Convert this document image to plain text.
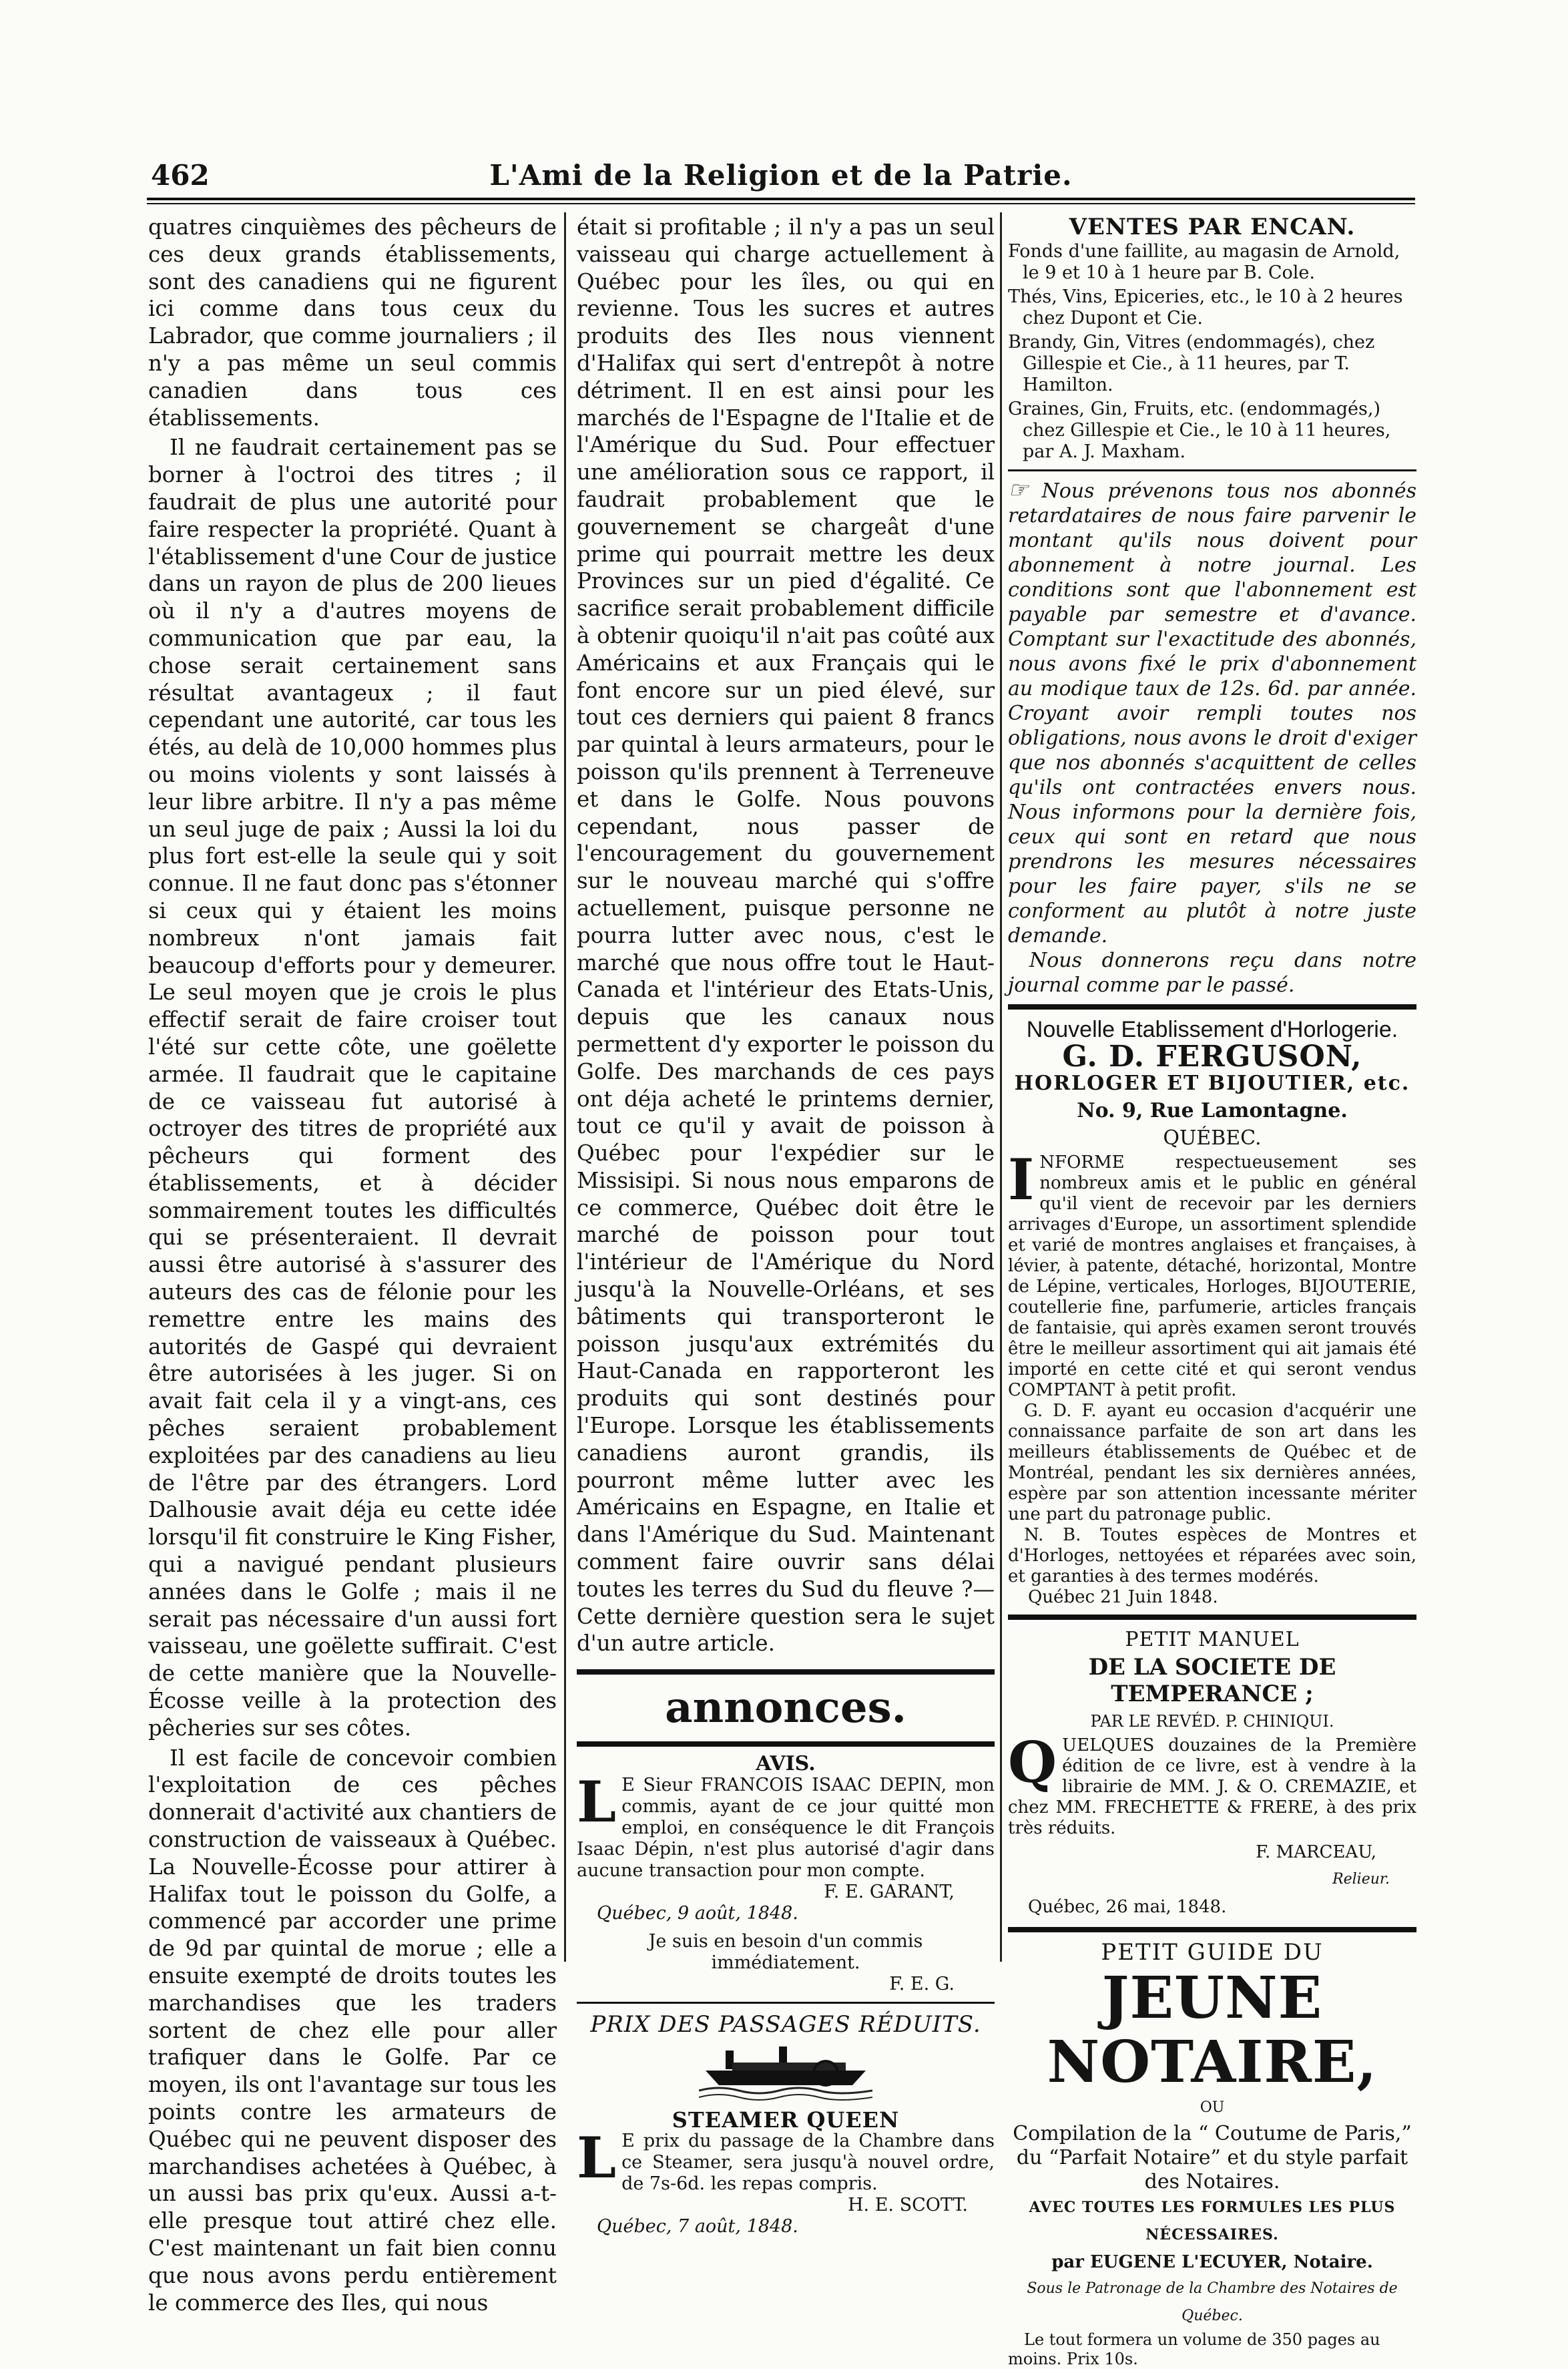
462	L'Ami de la Religion et de la Patrie.

quatres cinquièmes des pêcheurs de ces deux grands établissements, sont des canadiens qui ne figurent ici comme dans tous ceux du Labrador, que comme journaliers ; il n'y a pas même un seul commis canadien dans tous ces établissements.

Il ne faudrait certainement pas se borner à l'octroi des titres ; il faudrait de plus une autorité pour faire respecter la propriété. Quant à l'établissement d'une Cour de justice dans un rayon de plus de 200 lieues où il n'y a d'autres moyens de communication que par eau, la chose serait certainement sans résultat avantageux ; il faut cependant une autorité, car tous les étés, au delà de 10,000 hommes plus ou moins violents y sont laissés à leur libre arbitre. Il n'y a pas même un seul juge de paix ; Aussi la loi du plus fort est-elle la seule qui y soit connue. Il ne faut donc pas s'étonner si ceux qui y étaient les moins nombreux n'ont jamais fait beaucoup d'efforts pour y demeurer. Le seul moyen que je crois le plus effectif serait de faire croiser tout l'été sur cette côte, une goëlette armée. Il faudrait que le capitaine de ce vaisseau fut autorisé à octroyer des titres de propriété aux pêcheurs qui forment des établissements, et à décider sommairement toutes les difficultés qui se présenteraient. Il devrait aussi être autorisé à s'assurer des auteurs des cas de félonie pour les remettre entre les mains des autorités de Gaspé qui devraient être autorisées à les juger. Si on avait fait cela il y a vingt-ans, ces pêches seraient probablement exploitées par des canadiens au lieu de l'être par des étrangers. Lord Dalhousie avait déja eu cette idée lorsqu'il fit construire le King Fisher, qui a navigué pendant plusieurs années dans le Golfe ; mais il ne serait pas nécessaire d'un aussi fort vaisseau, une goëlette suffirait. C'est de cette manière que la Nouvelle-Écosse veille à la protection des pêcheries sur ses côtes.

Il est facile de concevoir combien l'exploitation de ces pêches donnerait d'activité aux chantiers de construction de vaisseaux à Québec. La Nouvelle-Écosse pour attirer à Halifax tout le poisson du Golfe, a commencé par accorder une prime de 9d par quintal de morue ; elle a ensuite exempté de droits toutes les marchandises que les traders sortent de chez elle pour aller trafiquer dans le Golfe. Par ce moyen, ils ont l'avantage sur tous les points contre les armateurs de Québec qui ne peuvent disposer des marchandises achetées à Québec, à un aussi bas prix qu'eux. Aussi a-t-elle presque tout attiré chez elle. C'est maintenant un fait bien connu que nous avons perdu entièrement le commerce des Iles, qui nous

était si profitable ; il n'y a pas un seul vaisseau qui charge actuellement à Québec pour les îles, ou qui en revienne. Tous les sucres et autres produits des Iles nous viennent d'Halifax qui sert d'entrepôt à notre détriment. Il en est ainsi pour les marchés de l'Espagne de l'Italie et de l'Amérique du Sud. Pour effectuer une amélioration sous ce rapport, il faudrait probablement que le gouvernement se chargeât d'une prime qui pourrait mettre les deux Provinces sur un pied d'égalité. Ce sacrifice serait probablement difficile à obtenir quoiqu'il n'ait pas coûté aux Américains et aux Français qui le font encore sur un pied élevé, sur tout ces derniers qui paient 8 francs par quintal à leurs armateurs, pour le poisson qu'ils prennent à Terreneuve et dans le Golfe. Nous pouvons cependant, nous passer de l'encouragement du gouvernement sur le nouveau marché qui s'offre actuellement, puisque personne ne pourra lutter avec nous, c'est le marché que nous offre tout le Haut-Canada et l'intérieur des Etats-Unis, depuis que les canaux nous permettent d'y exporter le poisson du Golfe. Des marchands de ces pays ont déja acheté le printems dernier, tout ce qu'il y avait de poisson à Québec pour l'expédier sur le Missisipi. Si nous nous emparons de ce commerce, Québec doit être le marché de poisson pour tout l'intérieur de l'Amérique du Nord jusqu'à la Nouvelle-Orléans, et ses bâtiments qui transporteront le poisson jusqu'aux extrémités du Haut-Canada en rapporteront les produits qui sont destinés pour l'Europe. Lorsque les établissements canadiens auront grandis, ils pourront même lutter avec les Américains en Espagne, en Italie et dans l'Amérique du Sud. Maintenant comment faire ouvrir sans délai toutes les terres du Sud du fleuve ?—Cette dernière question sera le sujet d'un autre article.

annonces.
AVIS.
L E Sieur FRANCOIS ISAAC DEPIN, mon commis, ayant de ce jour quitté mon emploi, en conséquence le dit François Isaac Dépin, n'est plus autorisé d'agir dans aucune transaction pour mon compte.
F. E. GARANT,
Québec, 9 août, 1848.
Je suis en besoin d'un commis immédiatement.
F. E. G.
PRIX DES PASSAGES RÉDUITS.
STEAMER QUEEN
L E prix du passage de la Chambre dans ce Steamer, sera jusqu'à nouvel ordre, de 7s-6d. les repas compris.
H. E. SCOTT.
Québec, 7 août, 1848.
VENTES PAR ENCAN.

Fonds d'une faillite, au magasin de Arnold, le 9 et 10 à 1 heure par B. Cole.

Thés, Vins, Epiceries, etc., le 10 à 2 heures chez Dupont et Cie.

Brandy, Gin, Vitres (endommagés), chez Gillespie et Cie., à 11 heures, par T. Hamilton.

Graines, Gin, Fruits, etc. (endommagés,) chez Gillespie et Cie., le 10 à 11 heures, par A. J. Maxham.

☞ Nous prévenons tous nos abonnés retardataires de nous faire parvenir le montant qu'ils nous doivent pour abonnement à notre journal. Les conditions sont que l'abonnement est payable par semestre et d'avance. Comptant sur l'exactitude des abonnés, nous avons fixé le prix d'abonnement au modique taux de 12s. 6d. par année. Croyant avoir rempli toutes nos obligations, nous avons le droit d'exiger que nos abonnés s'acquittent de celles qu'ils ont contractées envers nous. Nous informons pour la dernière fois, ceux qui sont en retard que nous prendrons les mesures nécessaires pour les faire payer, s'ils ne se conforment au plutôt à notre juste demande.
Nous donnerons reçu dans notre journal comme par le passé.
Nouvelle Etablissement d'Horlogerie.
G. D. FERGUSON,
HORLOGER ET BIJOUTIER, etc.
No. 9, Rue Lamontagne.
QUÉBEC.
I NFORME respectueusement ses nombreux amis et le public en général qu'il vient de recevoir par les derniers arrivages d'Europe, un assortiment splendide et varié de montres anglaises et françaises, à lévier, à patente, détaché, horizontal, Montre de Lépine, verticales, Horloges, BIJOUTERIE, coutellerie fine, parfumerie, articles français de fantaisie, qui après examen seront trouvés être le meilleur assortiment qui ait jamais été importé en cette cité et qui seront vendus COMPTANT à petit profit.
G. D. F. ayant eu occasion d'acquérir une connaissance parfaite de son art dans les meilleurs établissements de Québec et de Montréal, pendant les six dernières années, espère par son attention incessante mériter une part du patronage public.
N. B. Toutes espèces de Montres et d'Horloges, nettoyées et réparées avec soin, et garanties à des termes modérés.
Québec 21 Juin 1848.
PETIT MANUEL
DE LA SOCIETE DE TEMPERANCE ;
PAR LE REVÉD. P. CHINIQUI.
Q UELQUES douzaines de la Première édition de ce livre, est à vendre à la librairie de MM. J. & O. CREMAZIE, et chez MM. FRECHETTE & FRERE, à des prix très réduits.
F. MARCEAU,
Relieur.
Québec, 26 mai, 1848.
PETIT GUIDE DU
JEUNE NOTAIRE,
OU
Compilation de la “ Coutume de Paris,” du “Parfait Notaire” et du style parfait des Notaires.
AVEC TOUTES LES FORMULES LES PLUS NÉCESSAIRES.
par EUGENE L'ECUYER, Notaire.
Sous le Patronage de la Chambre des Notaires de Québec.
Le tout formera un volume de 350 pages au moins. Prix 10s.
